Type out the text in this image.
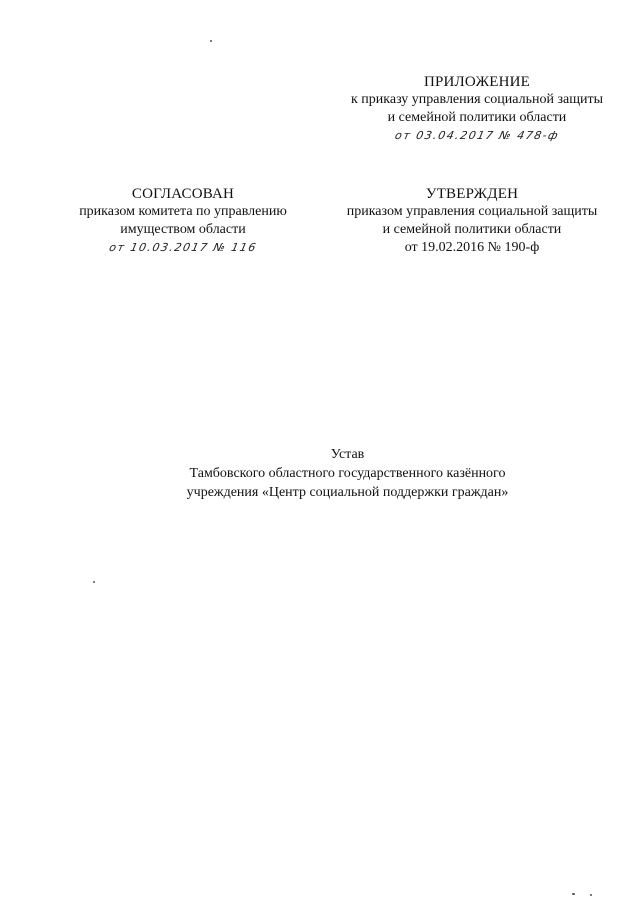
ПРИЛОЖЕНИЕ
к приказу управления социальной защиты
и семейной политики области
от 03.04.2017 № 478-ф
СОГЛАСОВАН
приказом комитета по управлению
имуществом области
от 10.03.2017 № 116
УТВЕРЖДЕН
приказом управления социальной защиты
и семейной политики области
от 19.02.2016 № 190-ф
Устав
Тамбовского областного государственного казённого
учреждения «Центр социальной поддержки граждан»
